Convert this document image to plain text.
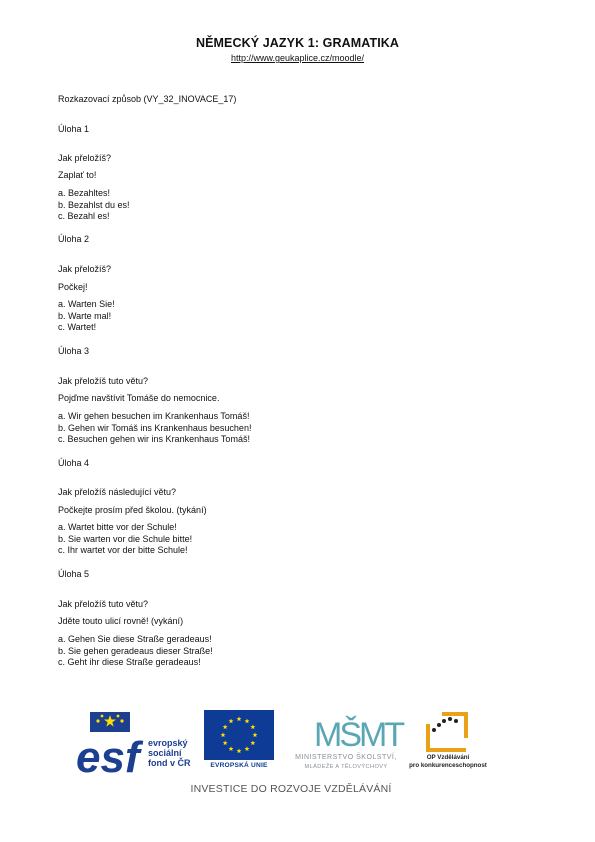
NĚMECKÝ JAZYK 1: GRAMATIKA
http://www.geukaplice.cz/moodle/
Rozkazovací způsob (VY_32_INOVACE_17)
Úloha 1
Jak přeložíš?
Zaplať to!
a. Bezahltes!
b. Bezahlst du es!
c. Bezahl es!
Úloha 2
Jak přeložíš?
Počkej!
a. Warten Sie!
b. Warte mal!
c. Wartet!
Úloha 3
Jak přeložíš tuto větu?
Pojďme navštívit Tomáše do nemocnice.
a. Wir gehen besuchen im Krankenhaus Tomáš!
b. Gehen wir Tomáš ins Krankenhaus besuchen!
c. Besuchen gehen wir ins Krankenhaus Tomáš!
Úloha 4
Jak přeložíš následující větu?
Počkejte prosím před školou. (tykání)
a. Wartet bitte vor der Schule!
b. Sie warten vor die Schule bitte!
c. Ihr wartet vor der bitte Schule!
Úloha 5
Jak přeložíš tuto větu?
Jděte touto ulicí rovně! (vykání)
a. Gehen Sie diese Straße geradeaus!
b. Sie gehen geradeaus dieser Straße!
c. Geht ihr diese Straße geradeaus!
esf evropský
sociální
fond v ČR	EVROPSKÁ UNIE
MŠMT
MINISTERSTVO ŠKOLSTVÍ,
MLÁDEŽE A TĚLOVÝCHOVY
OP Vzdělávání
pro konkurenceschopnost
INVESTICE DO ROZVOJE VZDĚLÁVÁNÍ
